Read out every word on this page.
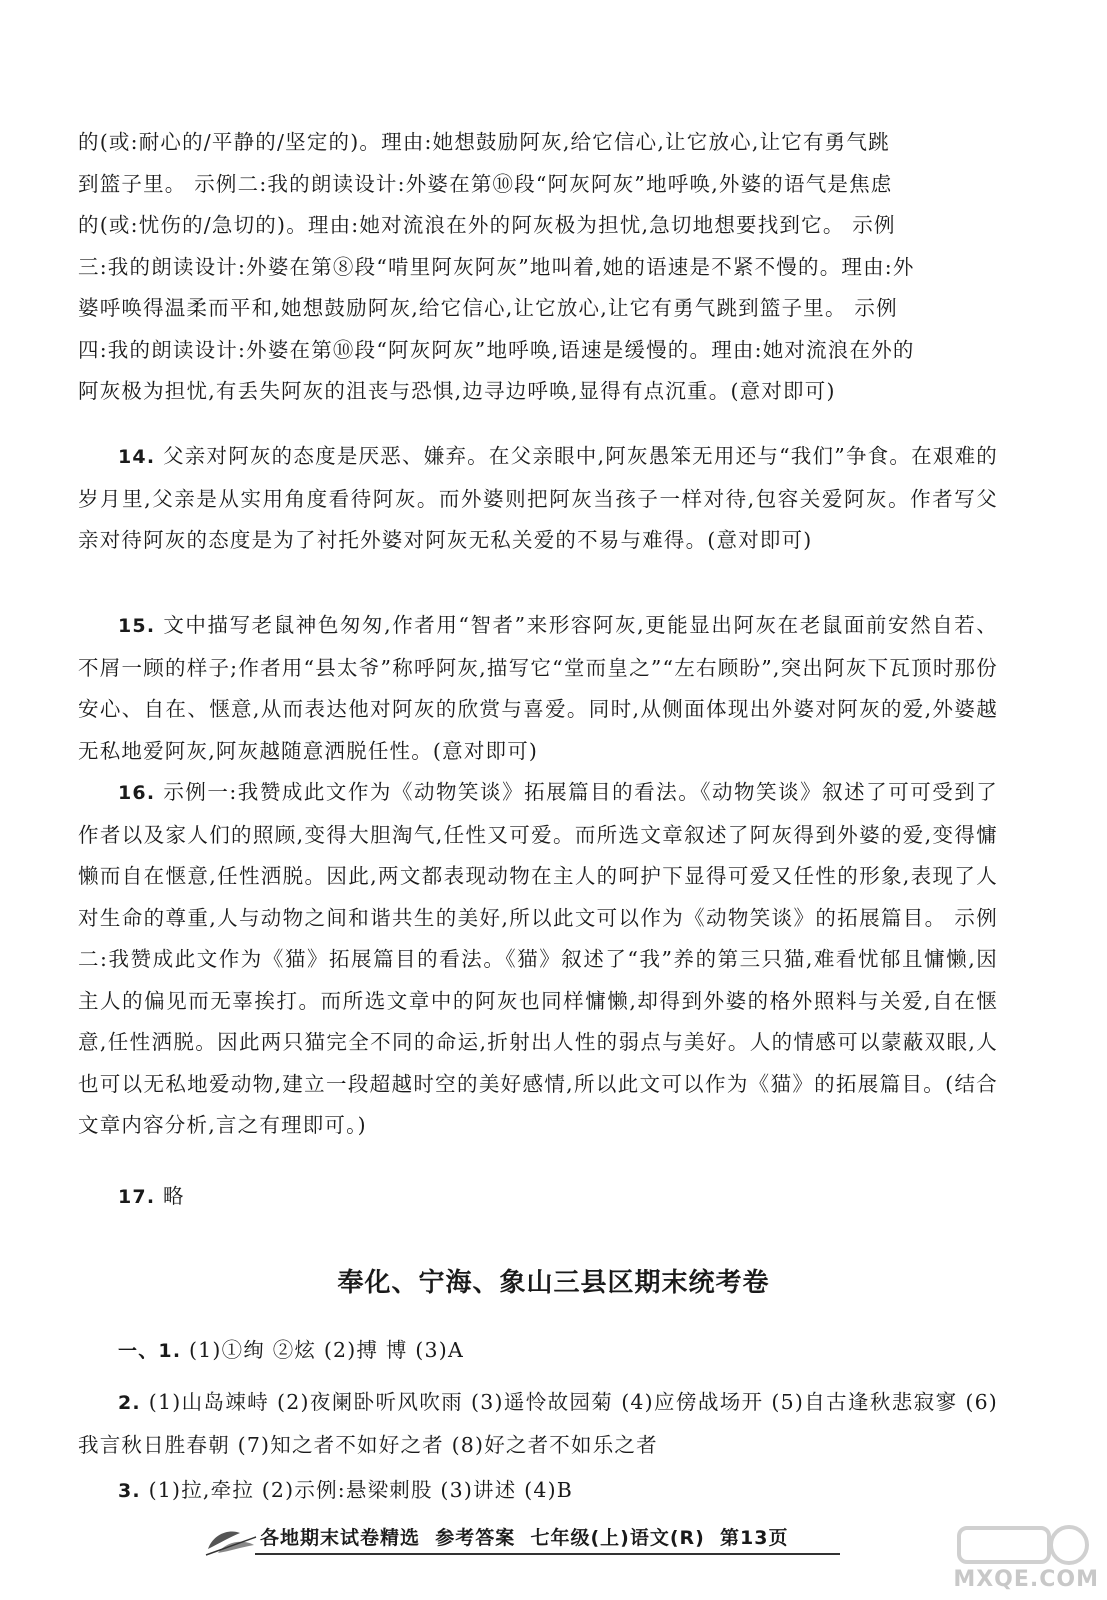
的(或:耐心的/平静的/坚定的)。理由:她想鼓励阿灰,给它信心,让它放心,让它有勇气跳
到篮子里。 示例二:我的朗读设计:外婆在第⑩段“阿灰阿灰”地呼唤,外婆的语气是焦虑
的(或:忧伤的/急切的)。理由:她对流浪在外的阿灰极为担忧,急切地想要找到它。 示例
三:我的朗读设计:外婆在第⑧段“啃里阿灰阿灰”地叫着,她的语速是不紧不慢的。理由:外
婆呼唤得温柔而平和,她想鼓励阿灰,给它信心,让它放心,让它有勇气跳到篮子里。 示例
四:我的朗读设计:外婆在第⑩段“阿灰阿灰”地呼唤,语速是缓慢的。理由:她对流浪在外的
阿灰极为担忧,有丢失阿灰的沮丧与恐惧,边寻边呼唤,显得有点沉重。(意对即可)

14. 父亲对阿灰的态度是厌恶、嫌弃。在父亲眼中,阿灰愚笨无用还与“我们”争食。在艰难的岁月里,父亲是从实用角度看待阿灰。而外婆则把阿灰当孩子一样对待,包容关爱阿灰。作者写父亲对待阿灰的态度是为了衬托外婆对阿灰无私关爱的不易与难得。(意对即可)

15. 文中描写老鼠神色匆匆,作者用“智者”来形容阿灰,更能显出阿灰在老鼠面前安然自若、不屑一顾的样子;作者用“县太爷”称呼阿灰,描写它“堂而皇之”“左右顾盼”,突出阿灰下瓦顶时那份安心、自在、惬意,从而表达他对阿灰的欣赏与喜爱。同时,从侧面体现出外婆对阿灰的爱,外婆越无私地爱阿灰,阿灰越随意洒脱任性。(意对即可)

16. 示例一:我赞成此文作为《动物笑谈》拓展篇目的看法。《动物笑谈》叙述了可可受到了作者以及家人们的照顾,变得大胆淘气,任性又可爱。而所选文章叙述了阿灰得到外婆的爱,变得慵懒而自在惬意,任性洒脱。因此,两文都表现动物在主人的呵护下显得可爱又任性的形象,表现了人对生命的尊重,人与动物之间和谐共生的美好,所以此文可以作为《动物笑谈》的拓展篇目。 示例二:我赞成此文作为《猫》拓展篇目的看法。《猫》叙述了“我”养的第三只猫,难看忧郁且慵懒,因主人的偏见而无辜挨打。而所选文章中的阿灰也同样慵懒,却得到外婆的格外照料与关爱,自在惬意,任性洒脱。因此两只猫完全不同的命运,折射出人性的弱点与美好。人的情感可以蒙蔽双眼,人也可以无私地爱动物,建立一段超越时空的美好感情,所以此文可以作为《猫》的拓展篇目。(结合文章内容分析,言之有理即可。)

17. 略

奉化、宁海、象山三县区期末统考卷

一、1. (1)①绚 ②炫 (2)搏 博 (3)A

2. (1)山岛竦峙 (2)夜阑卧听风吹雨 (3)遥怜故园菊 (4)应傍战场开 (5)自古逢秋悲寂寥 (6)我言秋日胜春朝 (7)知之者不如好之者 (8)好之者不如乐之者

3. (1)拉,牵拉 (2)示例:悬梁刺股 (3)讲述 (4)B

各地期末试卷精选  参考答案  七年级(上)语文(R)  第13页
MXQE.COM
